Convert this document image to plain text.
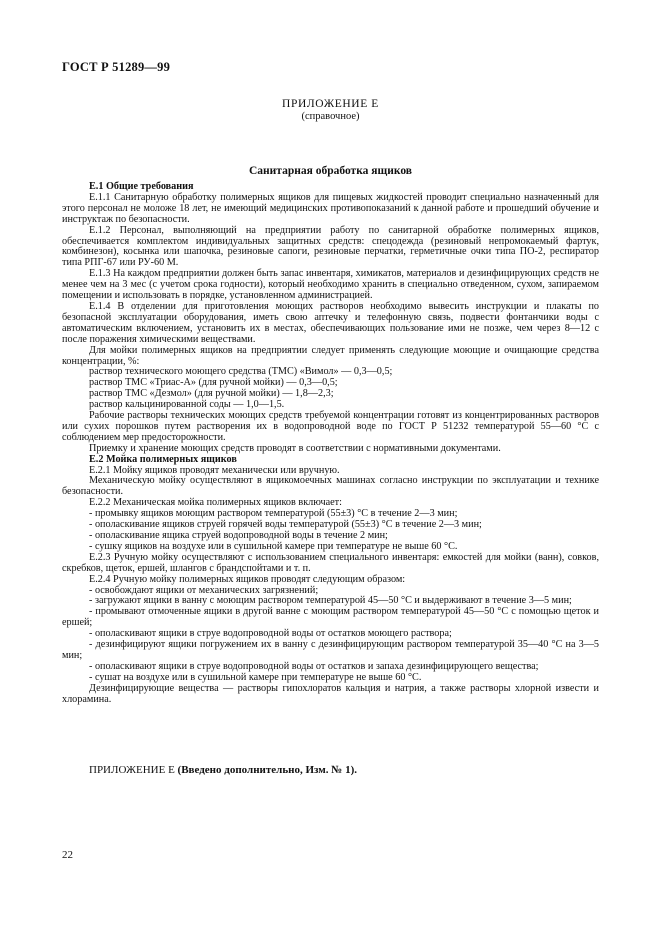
ГОСТ Р 51289—99
ПРИЛОЖЕНИЕ Е
(справочное)
Санитарная обработка ящиков

Е.1 Общие требования

Е.1.1 Санитарную обработку полимерных ящиков для пищевых жидкостей проводит специально назначенный для этого персонал не моложе 18 лет, не имеющий медицинских противопоказаний к данной работе и прошедший обучение и инструктаж по безопасности.

Е.1.2 Персонал, выполняющий на предприятии работу по санитарной обработке полимерных ящиков, обеспечивается комплектом индивидуальных защитных средств: спецодежда (резиновый непромокаемый фартук, комбинезон), косынка или шапочка, резиновые сапоги, резиновые перчатки, герметичные очки типа ПО-2, респиратор типа РПГ-67 или РУ-60 М.

Е.1.3 На каждом предприятии должен быть запас инвентаря, химикатов, материалов и дезинфицирующих средств не менее чем на 3 мес (с учетом срока годности), который необходимо хранить в специально отведенном, сухом, запираемом помещении и использовать в порядке, установленном администрацией.

Е.1.4 В отделении для приготовления моющих растворов необходимо вывесить инструкции и плакаты по безопасной эксплуатации оборудования, иметь свою аптечку и телефонную связь, подвести фонтанчики воды с автоматическим включением, установить их в местах, обеспечивающих пользование ими не позже, чем через 8—12 с после поражения химическими веществами.

Для мойки полимерных ящиков на предприятии следует применять следующие моющие и очищающие средства концентрации, %:

раствор технического моющего средства (ТМС) «Вимол» — 0,3—0,5;

раствор ТМС «Триас-А» (для ручной мойки) — 0,3—0,5;

раствор ТМС «Дезмол» (для ручной мойки) — 1,8—2,3;

раствор кальцинированной соды — 1,0—1,5.

Рабочие растворы технических моющих средств требуемой концентрации готовят из концентрированных растворов или сухих порошков путем растворения их в водопроводной воде по ГОСТ Р 51232 температурой 55—60 °С с соблюдением мер предосторожности.

Приемку и хранение моющих средств проводят в соответствии с нормативными документами.

Е.2 Мойка полимерных ящиков

Е.2.1 Мойку ящиков проводят механически или вручную.

Механическую мойку осуществляют в ящикомоечных машинах согласно инструкции по эксплуатации и технике безопасности.

Е.2.2 Механическая мойка полимерных ящиков включает:

- промывку ящиков моющим раствором температурой (55±3) °С в течение 2—3 мин;

- ополаскивание ящиков струей горячей воды температурой (55±3) °С в течение 2—3 мин;

- ополаскивание ящика струей водопроводной воды в течение 2 мин;

- сушку ящиков на воздухе или в сушильной камере при температуре не выше 60 °С.

Е.2.3 Ручную мойку осуществляют с использованием специального инвентаря: емкостей для мойки (ванн), совков, скребков, щеток, ершей, шлангов с брандспойтами и т. п.

Е.2.4 Ручную мойку полимерных ящиков проводят следующим образом:

- освобождают ящики от механических загрязнений;

- загружают ящики в ванну с моющим раствором температурой 45—50 °С и выдерживают в течение 3—5 мин;

- промывают отмоченные ящики в другой ванне с моющим раствором температурой 45—50 °С с помощью щеток и ершей;

- ополаскивают ящики в струе водопроводной воды от остатков моющего раствора;

- дезинфицируют ящики погружением их в ванну с дезинфицирующим раствором температурой 35—40 °С на 3—5 мин;

- ополаскивают ящики в струе водопроводной воды от остатков и запаха дезинфицирующего вещества;

- сушат на воздухе или в сушильной камере при температуре не выше 60 °С.

Дезинфицирующие вещества — растворы гипохлоратов кальция и натрия, а также растворы хлорной извести и хлорамина.

ПРИЛОЖЕНИЕ Е (Введено дополнительно, Изм. № 1).
22
